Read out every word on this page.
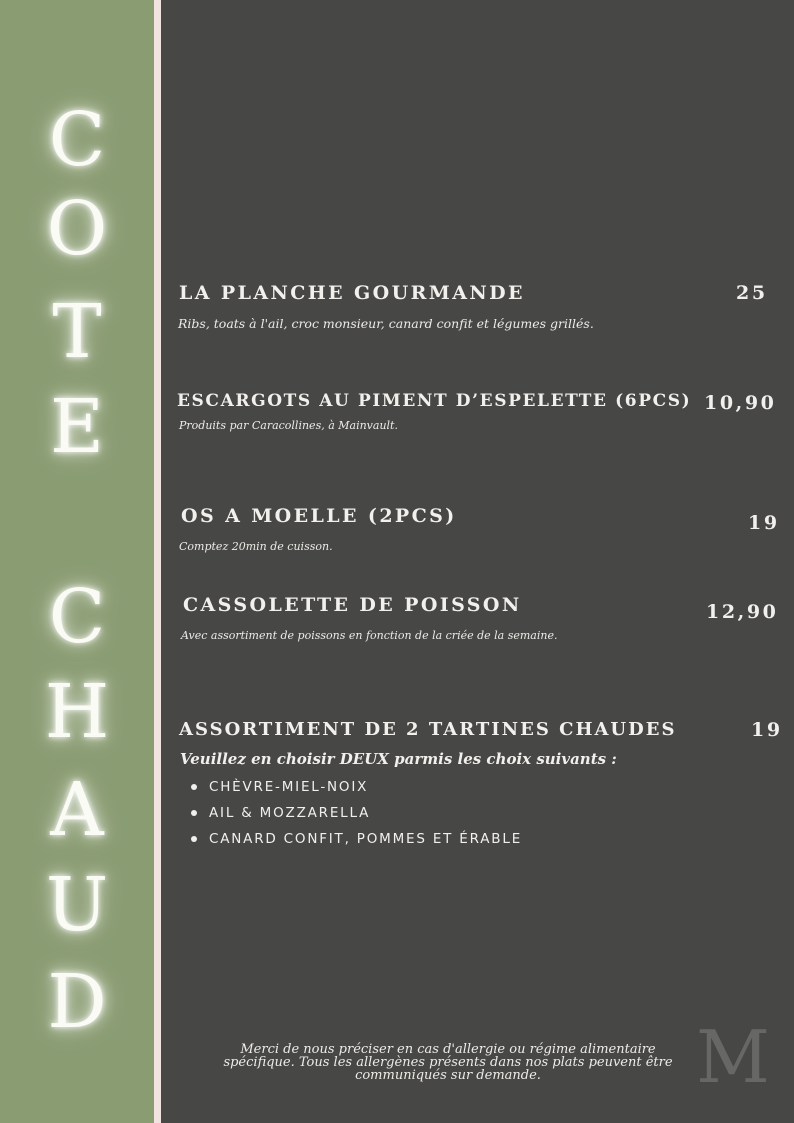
C
O
T
E
C
H
A
U
D
LA PLANCHE GOURMANDE	25
Ribs, toats à l'ail, croc monsieur, canard confit et légumes grillés.
ESCARGOTS AU PIMENT D’ESPELETTE (6PCS) 10,90
Produits par Caracollines, à Mainvault.
OS A MOELLE (2PCS)	19
Comptez 20min de cuisson.
CASSOLETTE DE POISSON	12,90
Avec assortiment de poissons en fonction de la criée de la semaine.
ASSORTIMENT DE 2 TARTINES CHAUDES	19
Veuillez en choisir DEUX parmis les choix suivants :
CHÈVRE-MIEL-NOIX
AIL & MOZZARELLA
CANARD CONFIT, POMMES ET ÉRABLE
Merci de nous préciser en cas d'allergie ou régime alimentaire
spécifique. Tous les allergènes présents dans nos plats peuvent être
communiqués sur demande.	M
